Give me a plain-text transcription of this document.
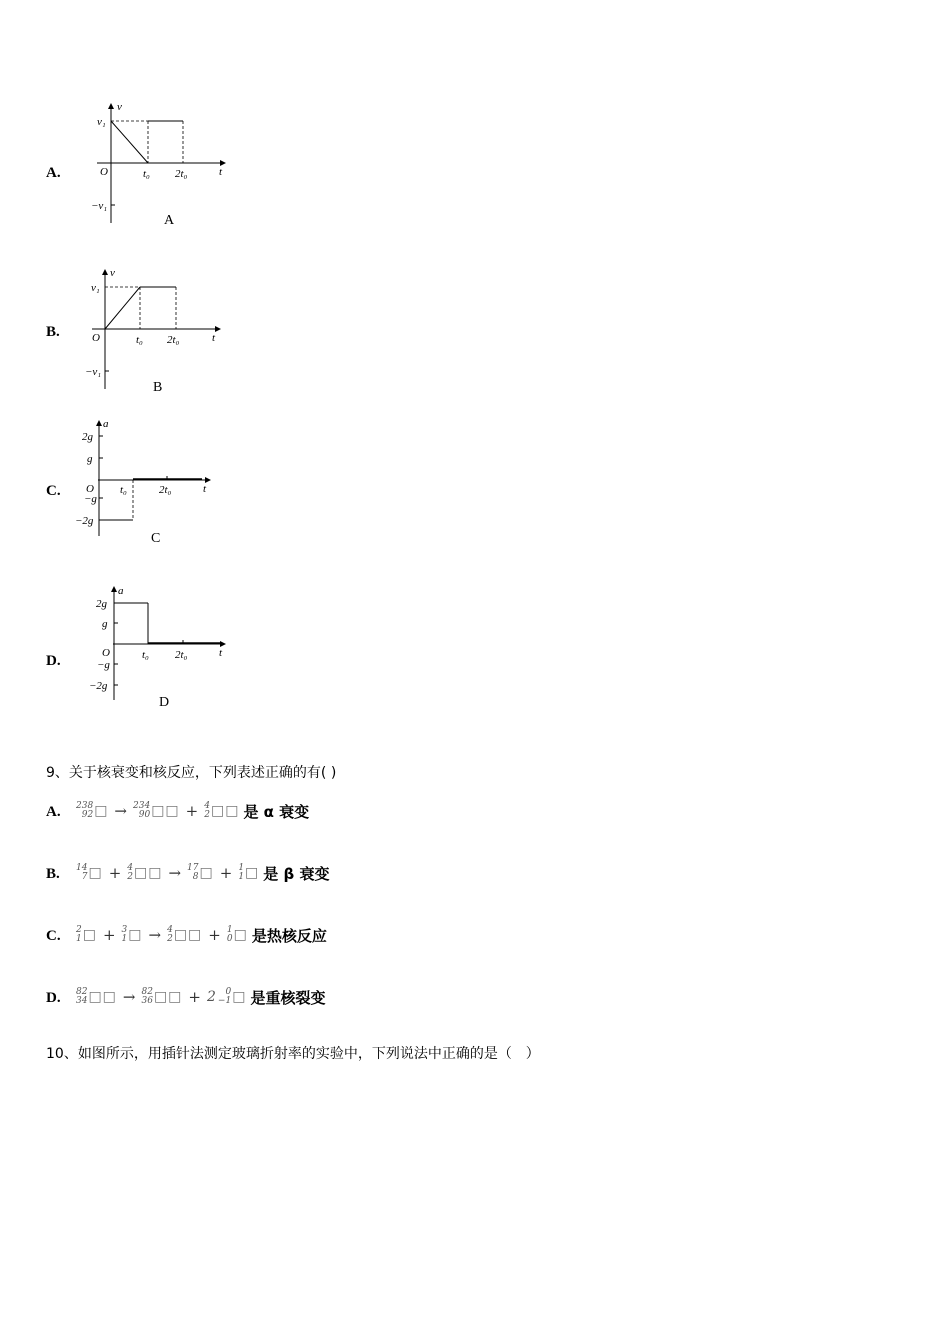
A.
v
v₁
−v₁
O	t₀ 2t₀	t
A
B.
v
v₁
−v₁
O	t₀ 2t₀	t
B
C.
a
2g
g
O
−g
−2g
t₀	2t₀	t
C
D.
a
2g
g
O
−g
−2g
t₀ 2t₀	t
D
9、关于核衰变和核反应，下列表述正确的有( )
A. 238
92 □ → 234
90 □□ + 4
2 □□ 是 α 衰变
B. 14
7 □ + 4
2 □□ → 17
8 □ + 1
1 □ 是 β 衰变
C. 2
1 □ + 3
1 □ → 4
2 □□ + 1
0 □ 是热核反应
D. 82
34 □□ → 82
36 □□ + 2 0
−1 □ 是重核裂变
10、如图所示，用插针法测定玻璃折射率的实验中，下列说法中正确的是（　）
